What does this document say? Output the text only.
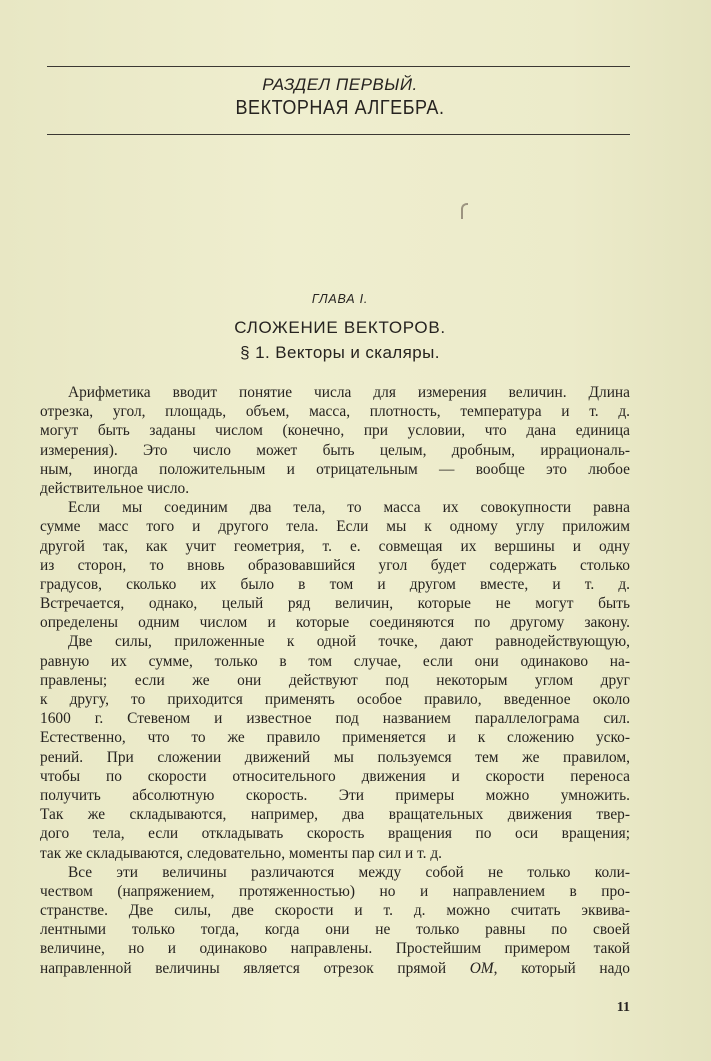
РАЗДЕЛ ПЕРВЫЙ.
ВЕКТОРНАЯ АЛГЕБРА.
ГЛАВА I.
СЛОЖЕНИЕ ВЕКТОРОВ.
§ 1. Векторы и скаляры.
Арифметика вводит понятие числа для измерения величин. Длина
отрезка, угол, площадь, объем, масса, плотность, температура и т. д.
могут быть заданы числом (конечно, при условии, что дана единица
измерения). Это число может быть целым, дробным, иррациональ-
ным, иногда положительным и отрицательным — вообще это любое
действительное число.
Если мы соединим два тела, то масса их совокупности равна
сумме масс того и другого тела. Если мы к одному углу приложим
другой так, как учит геометрия, т. е. совмещая их вершины и одну
из сторон, то вновь образовавшийся угол будет содержать столько
градусов, сколько их было в том и другом вместе, и т. д.
Встречается, однако, целый ряд величин, которые не могут быть
определены одним числом и которые соединяются по другому закону.
Две силы, приложенные к одной точке, дают равнодействующую,
равную их сумме, только в том случае, если они одинаково на-
правлены; если же они действуют под некоторым углом друг
к другу, то приходится применять особое правило, введенное около
1600 г. Стевеном и известное под названием параллелограма сил.
Естественно, что то же правило применяется и к сложению уско-
рений. При сложении движений мы пользуемся тем же правилом,
чтобы по скорости относительного движения и скорости переноса
получить абсолютную скорость. Эти примеры можно умножить.
Так же складываются, например, два вращательных движения твер-
дого тела, если откладывать скорость вращения по оси вращения;
так же складываются, следовательно, моменты пар сил и т. д.
Все эти величины различаются между собой не только коли-
чеством (напряжением, протяженностью) но и направлением в про-
странстве. Две силы, две скорости и т. д. можно считать эквива-
лентными только тогда, когда они не только равны по своей
величине, но и одинаково направлены. Простейшим примером такой
направленной величины является отрезок прямой ОМ, который надо
11
